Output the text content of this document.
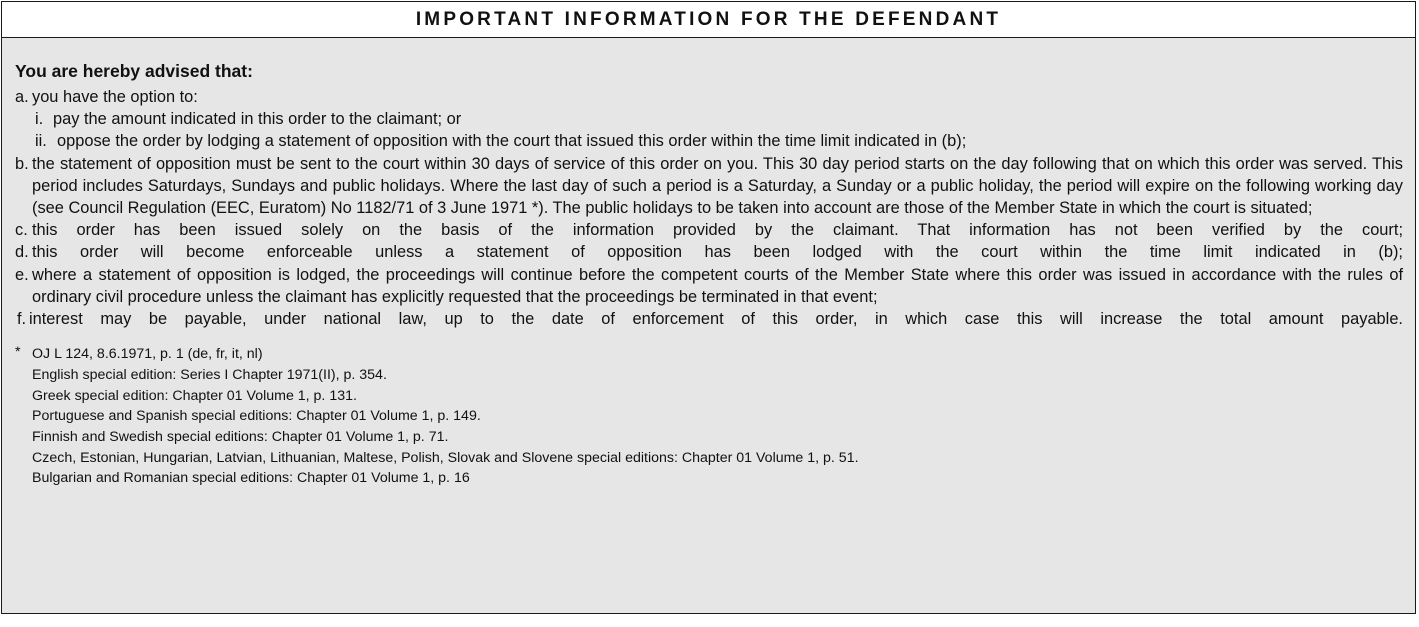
IMPORTANT INFORMATION FOR THE DEFENDANT
You are hereby advised that:
a. you have the option to:
i. pay the amount indicated in this order to the claimant; or
ii. oppose the order by lodging a statement of opposition with the court that issued this order within the time limit indicated in (b);
b. the statement of opposition must be sent to the court within 30 days of service of this order on you. This 30 day period starts on the day following that on which this order was served. This period includes Saturdays, Sundays and public holidays. Where the last day of such a period is a Saturday, a Sunday or a public holiday, the period will expire on the following working day (see Council Regulation (EEC, Euratom) No 1182/71 of 3 June 1971 *). The public holidays to be taken into account are those of the Member State in which the court is situated;
c. this order has been issued solely on the basis of the information provided by the claimant. That information has not been verified by the court;
d. this order will become enforceable unless a statement of opposition has been lodged with the court within the time limit indicated in (b);
e. where a statement of opposition is lodged, the proceedings will continue before the competent courts of the Member State where this order was issued in accordance with the rules of ordinary civil procedure unless the claimant has explicitly requested that the proceedings be terminated in that event;
f. interest may be payable, under national law, up to the date of enforcement of this order, in which case this will increase the total amount payable.
* OJ L 124, 8.6.1971, p. 1 (de, fr, it, nl)
English special edition: Series I Chapter 1971(II), p. 354.
Greek special edition: Chapter 01 Volume 1, p. 131.
Portuguese and Spanish special editions: Chapter 01 Volume 1, p. 149.
Finnish and Swedish special editions: Chapter 01 Volume 1, p. 71.
Czech, Estonian, Hungarian, Latvian, Lithuanian, Maltese, Polish, Slovak and Slovene special editions: Chapter 01 Volume 1, p. 51.
Bulgarian and Romanian special editions: Chapter 01 Volume 1, p. 16
